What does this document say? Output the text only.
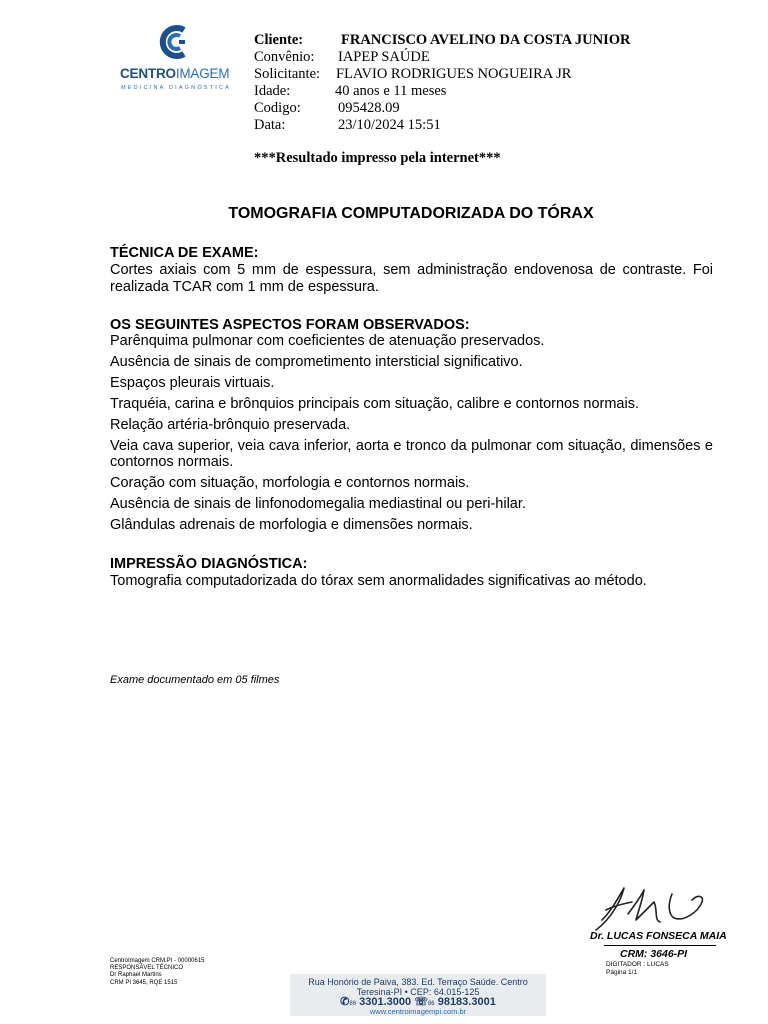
CENTROIMAGEM
MEDICINA DIAGNÓSTICA
Cliente:	FRANCISCO AVELINO DA COSTA JUNIOR
Convênio: IAPEP SAÚDE
Solicitante: FLAVIO RODRIGUES NOGUEIRA JR
Idade:	40 anos e 11 meses
Codigo:	095428.09
Data:	23/10/2024 15:51
***Resultado impresso pela internet***
TOMOGRAFIA COMPUTADORIZADA DO TÓRAX
TÉCNICA DE EXAME:
Cortes axiais com 5 mm de espessura, sem administração endovenosa de contraste. Foi realizada TCAR com 1 mm de espessura.
OS SEGUINTES ASPECTOS FORAM OBSERVADOS:
Parênquima pulmonar com coeficientes de atenuação preservados.
Ausência de sinais de comprometimento intersticial significativo.
Espaços pleurais virtuais.
Traquéia, carina e brônquios principais com situação, calibre e contornos normais.
Relação artéria-brônquio preservada.
Veia cava superior, veia cava inferior, aorta e tronco da pulmonar com situação, dimensões e contornos normais.
Coração com situação, morfologia e contornos normais.
Ausência de sinais de linfonodomegalia mediastinal ou peri-hilar.
Glândulas adrenais de morfologia e dimensões normais.
IMPRESSÃO DIAGNÓSTICA:
Tomografia computadorizada do tórax sem anormalidades significativas ao método.
Exame documentado em 05 filmes
Dr. LUCAS FONSECA MAIA
CRM: 3646-PI
DIGITADOR : LUCAS
Página 1/1
CentroImagem CRM.PI - 00000615
RESPONSÁVEL TÉCNICO
Dr Raphael Martins
CRM PI 3645, RQE 1515	Rua Honório de Paiva, 383. Ed. Terraço Saúde. Centro
Teresina-PI • CEP: 64.015-125
✆86 3301.3000 ☏86 98183.3001
www.centroimagempi.com.br
